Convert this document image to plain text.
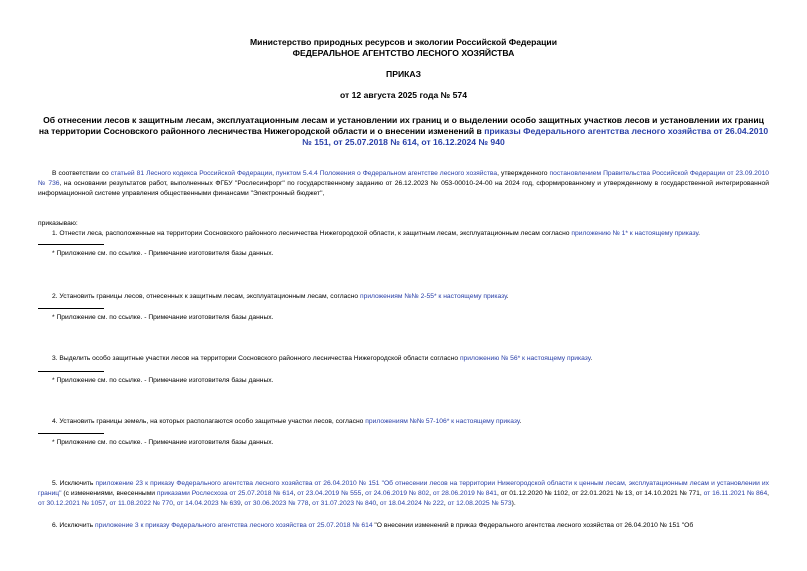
Министерство природных ресурсов и экологии Российской Федерации
ФЕДЕРАЛЬНОЕ АГЕНТСТВО ЛЕСНОГО ХОЗЯЙСТВА
ПРИКАЗ
от 12 августа 2025 года № 574
Об отнесении лесов к защитным лесам, эксплуатационным лесам и установлении их границ и о выделении особо защитных участков лесов и установлении их границ на территории Сосновского районного лесничества Нижегородской области и о внесении изменений в приказы Федерального агентства лесного хозяйства от 26.04.2010 № 151, от 25.07.2018 № 614, от 16.12.2024 № 940
В соответствии со статьей 81 Лесного кодекса Российской Федерации, пунктом 5.4.4 Положения о Федеральном агентстве лесного хозяйства, утвержденного постановлением Правительства Российской Федерации от 23.09.2010 № 736, на основании результатов работ, выполненных ФГБУ "Рослесинфорг" по государственному заданию от 26.12.2023 № 053-00010-24-00 на 2024 год, сформированному и утвержденному в государственной интегрированной информационной системе управления общественными финансами "Электронный бюджет",
приказываю:
1. Отнести леса, расположенные на территории Сосновского районного лесничества Нижегородской области, к защитным лесам, эксплуатационным лесам согласно приложению № 1* к настоящему приказу.
* Приложение см. по ссылке. - Примечание изготовителя базы данных.
2. Установить границы лесов, отнесенных к защитным лесам, эксплуатационным лесам, согласно приложениям №№ 2-55* к настоящему приказу.
* Приложение см. по ссылке. - Примечание изготовителя базы данных.
3. Выделить особо защитные участки лесов на территории Сосновского районного лесничества Нижегородской области согласно приложению № 56* к настоящему приказу.
* Приложение см. по ссылке. - Примечание изготовителя базы данных.
4. Установить границы земель, на которых располагаются особо защитные участки лесов, согласно приложениям №№ 57-106* к настоящему приказу.
* Приложение см. по ссылке. - Примечание изготовителя базы данных.
5. Исключить приложение 23 к приказу Федерального агентства лесного хозяйства от 26.04.2010 № 151 "Об отнесении лесов на территории Нижегородской области к ценным лесам, эксплуатационным лесам и установлении их границ" (с изменениями, внесенными приказами Рослесхоза от 25.07.2018 № 614, от 23.04.2019 № 555, от 24.06.2019 № 802, от 28.06.2019 № 841, от 01.12.2020 № 1102, от 22.01.2021 № 13, от 14.10.2021 № 771, от 16.11.2021 № 864, от 30.12.2021 № 1057, от 11.08.2022 № 770, от 14.04.2023 № 639, от 30.06.2023 № 778, от 31.07.2023 № 840, от 18.04.2024 № 222, от 12.08.2025 № 573).
6. Исключить приложение 3 к приказу Федерального агентства лесного хозяйства от 25.07.2018 № 614 "О внесении изменений в приказ Федерального агентства лесного хозяйства от 26.04.2010 № 151 "Об
